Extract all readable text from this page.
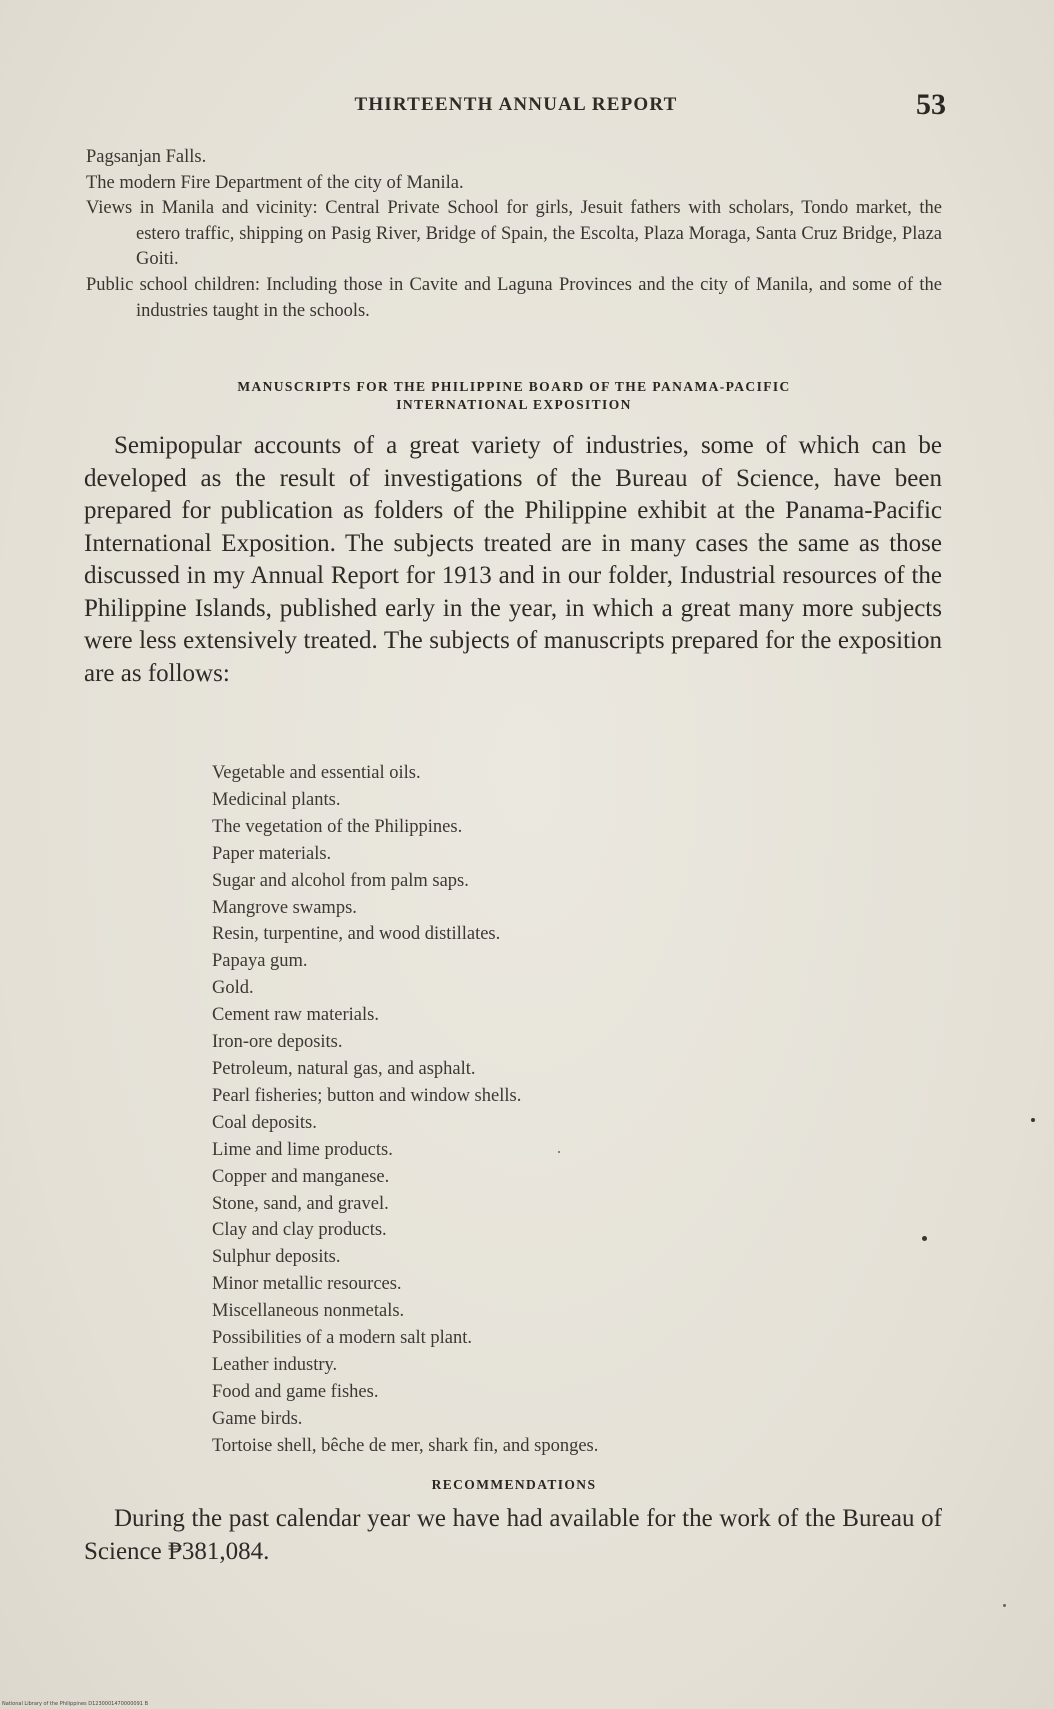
THIRTEENTH ANNUAL REPORT	53
Pagsanjan Falls.
The modern Fire Department of the city of Manila.
Views in Manila and vicinity: Central Private School for girls, Jesuit fathers with scholars, Tondo market, the estero traffic, shipping on Pasig River, Bridge of Spain, the Escolta, Plaza Moraga, Santa Cruz Bridge, Plaza Goiti.
Public school children: Including those in Cavite and Laguna Provinces and the city of Manila, and some of the industries taught in the schools.
MANUSCRIPTS FOR THE PHILIPPINE BOARD OF THE PANAMA-PACIFIC
INTERNATIONAL EXPOSITION

Semipopular accounts of a great variety of industries, some of which can be developed as the result of investigations of the Bureau of Science, have been prepared for publication as folders of the Philippine exhibit at the Panama-Pacific International Exposition. The subjects treated are in many cases the same as those discussed in my Annual Report for 1913 and in our folder, Industrial resources of the Philippine Islands, published early in the year, in which a great many more subjects were less extensively treated. The subjects of manuscripts prepared for the exposition are as follows:

Vegetable and essential oils.
Medicinal plants.
The vegetation of the Philippines.
Paper materials.
Sugar and alcohol from palm saps.
Mangrove swamps.
Resin, turpentine, and wood distillates.
Papaya gum.
Gold.
Cement raw materials.
Iron-ore deposits.
Petroleum, natural gas, and asphalt.
Pearl fisheries; button and window shells.
Coal deposits.
Lime and lime products.
Copper and manganese.
Stone, sand, and gravel.
Clay and clay products.
Sulphur deposits.
Minor metallic resources.
Miscellaneous nonmetals.
Possibilities of a modern salt plant.
Leather industry.
Food and game fishes.
Game birds.
Tortoise shell, bêche de mer, shark fin, and sponges.
RECOMMENDATIONS

During the past calendar year we have had available for the work of the Bureau of Science ₱381,084.

National Library of the Philippines D1230001470000091 B
